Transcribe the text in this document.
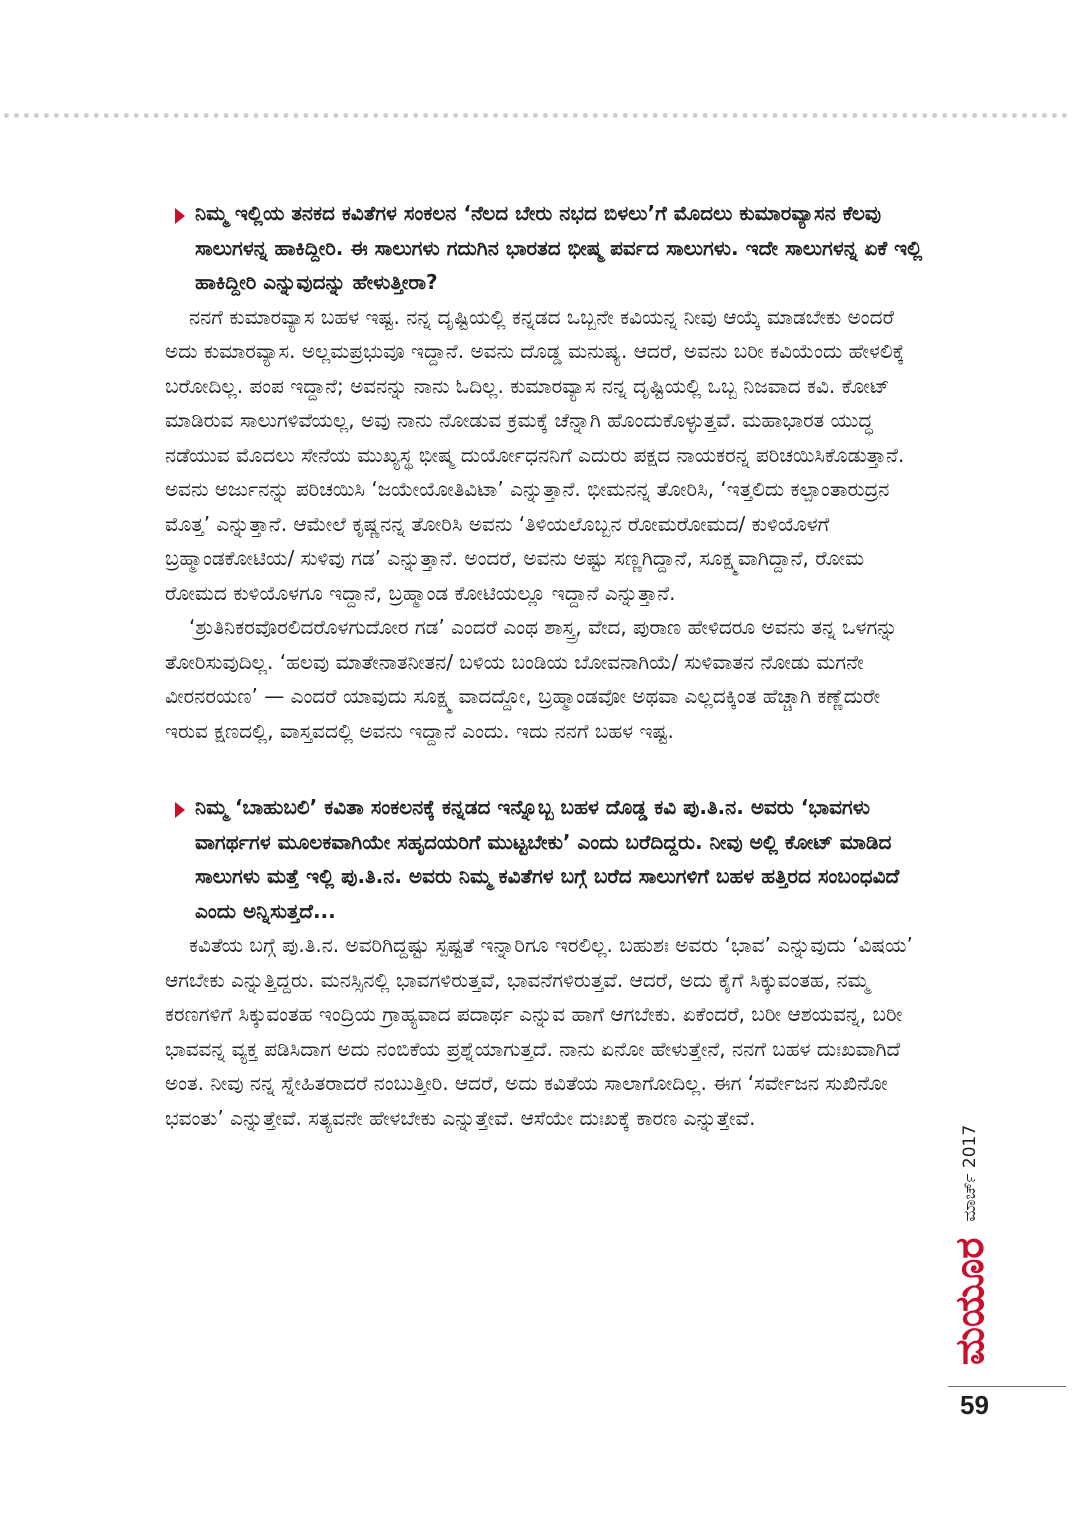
ನಿಮ್ಮ ಇಲ್ಲಿಯ ತನಕದ ಕವಿತೆಗಳ ಸಂಕಲನ ‘ನೆಲದ ಬೇರು ನಭದ ಬಿಳಲು’ಗೆ ಮೊದಲು ಕುಮಾರವ್ಯಾಸನ ಕೆಲವು ಸಾಲುಗಳನ್ನ ಹಾಕಿದ್ದೀರಿ. ಈ ಸಾಲುಗಳು ಗದುಗಿನ ಭಾರತದ ಭೀಷ್ಮ ಪರ್ವದ ಸಾಲುಗಳು. ಇದೇ ಸಾಲುಗಳನ್ನ ಏಕೆ ಇಲ್ಲಿ ಹಾಕಿದ್ದೀರಿ ಎನ್ನುವುದನ್ನು ಹೇಳುತ್ತೀರಾ?

ನನಗೆ ಕುಮಾರವ್ಯಾಸ ಬಹಳ ಇಷ್ಟ. ನನ್ನ ದೃಷ್ಟಿಯಲ್ಲಿ ಕನ್ನಡದ ಒಬ್ಬನೇ ಕವಿಯನ್ನ ನೀವು ಆಯ್ಕೆ ಮಾಡಬೇಕು ಅಂದರೆ ಅದು ಕುಮಾರವ್ಯಾಸ. ಅಲ್ಲಮಪ್ರಭುವೂ ಇದ್ದಾನೆ. ಅವನು ದೊಡ್ಡ ಮನುಷ್ಯ. ಆದರೆ, ಅವನು ಬರೀ ಕವಿಯೆಂದು ಹೇಳಲಿಕ್ಕೆ ಬರೋದಿಲ್ಲ. ಪಂಪ ಇದ್ದಾನೆ; ಅವನನ್ನು ನಾನು ಓದಿಲ್ಲ. ಕುಮಾರವ್ಯಾಸ ನನ್ನ ದೃಷ್ಟಿಯಲ್ಲಿ ಒಬ್ಬ ನಿಜವಾದ ಕವಿ. ಕೋಟ್ ಮಾಡಿರುವ ಸಾಲುಗಳಿವೆಯಲ್ಲ, ಅವು ನಾನು ನೋಡುವ ಕ್ರಮಕ್ಕೆ ಚೆನ್ನಾಗಿ ಹೊಂದುಕೊಳ್ಳುತ್ತವೆ. ಮಹಾಭಾರತ ಯುದ್ಧ ನಡೆಯುವ ಮೊದಲು ಸೇನೆಯ ಮುಖ್ಯಸ್ಥ ಭೀಷ್ಮ ದುರ್ಯೋಧನನಿಗೆ ಎದುರು ಪಕ್ಷದ ನಾಯಕರನ್ನ ಪರಿಚಯಿಸಿಕೊಡುತ್ತಾನೆ. ಅವನು ಅರ್ಜುನನ್ನು ಪರಿಚಯಿಸಿ ‘ಜಯೇಯೋತಿವಿಟಾ’ ಎನ್ನುತ್ತಾನೆ. ಭೀಮನನ್ನ ತೋರಿಸಿ, ‘ಇತ್ತಲಿದು ಕಲ್ಪಾಂತಾರುದ್ರನ ಮೊತ್ತ’ ಎನ್ನುತ್ತಾನೆ. ಆಮೇಲೆ ಕೃಷ್ಣನನ್ನ ತೋರಿಸಿ ಅವನು ‘ತಿಳಿಯಲೊಬ್ಬನ ರೋಮರೋಮದ/ ಕುಳಿಯೊಳಗೆ ಬ್ರಹ್ಮಾಂಡಕೋಟಿಯ/ ಸುಳಿವು ಗಡ’ ಎನ್ನುತ್ತಾನೆ. ಅಂದರೆ, ಅವನು ಅಷ್ಟು ಸಣ್ಣಗಿದ್ದಾನೆ, ಸೂಕ್ಷ್ಮವಾಗಿದ್ದಾನೆ, ರೋಮ ರೋಮದ ಕುಳಿಯೊಳಗೂ ಇದ್ದಾನೆ, ಬ್ರಹ್ಮಾಂಡ ಕೋಟಿಯಲ್ಲೂ ಇದ್ದಾನೆ ಎನ್ನುತ್ತಾನೆ.

‘ಶ್ರುತಿನಿಕರವೊರಲಿದರೊಳಗುದೋರ ಗಡ’ ಎಂದರೆ ಎಂಥ ಶಾಸ್ತ್ರ, ವೇದ, ಪುರಾಣ ಹೇಳಿದರೂ ಅವನು ತನ್ನ ಒಳಗನ್ನು ತೋರಿಸುವುದಿಲ್ಲ. ‘ಹಲವು ಮಾತೇನಾತನೀತನ/ ಬಳಿಯ ಬಂಡಿಯ ಬೋವನಾಗಿಯೆ/ ಸುಳಿವಾತನ ನೋಡು ಮಗನೇ ವೀರನರಯಣ’ — ಎಂದರೆ ಯಾವುದು ಸೂಕ್ಷ್ಮ ವಾದದ್ದೋ, ಬ್ರಹ್ಮಾಂಡವೋ ಅಥವಾ ಎಲ್ಲದಕ್ಕಿಂತ ಹೆಚ್ಚಾಗಿ ಕಣ್ಣೆದುರೇ ಇರುವ ಕ್ಷಣದಲ್ಲಿ, ವಾಸ್ತವದಲ್ಲಿ ಅವನು ಇದ್ದಾನೆ ಎಂದು. ಇದು ನನಗೆ ಬಹಳ ಇಷ್ಟ.

ನಿಮ್ಮ ‘ಬಾಹುಬಲಿ’ ಕವಿತಾ ಸಂಕಲನಕ್ಕೆ ಕನ್ನಡದ ಇನ್ನೊಬ್ಬ ಬಹಳ ದೊಡ್ಡ ಕವಿ ಪು.ತಿ.ನ. ಅವರು ‘ಭಾವಗಳು ವಾಗರ್ಥಗಳ ಮೂಲಕವಾಗಿಯೇ ಸಹೃದಯರಿಗೆ ಮುಟ್ಟಬೇಕು’ ಎಂದು ಬರೆದಿದ್ದರು. ನೀವು ಅಲ್ಲಿ ಕೋಟ್ ಮಾಡಿದ ಸಾಲುಗಳು ಮತ್ತೆ ಇಲ್ಲಿ ಪು.ತಿ.ನ. ಅವರು ನಿಮ್ಮ ಕವಿತೆಗಳ ಬಗ್ಗೆ ಬರೆದ ಸಾಲುಗಳಿಗೆ ಬಹಳ ಹತ್ತಿರದ ಸಂಬಂಧವಿದೆ ಎಂದು ಅನ್ನಿಸುತ್ತದೆ...

ಕವಿತೆಯ ಬಗ್ಗೆ ಪು.ತಿ.ನ. ಅವರಿಗಿದ್ದಷ್ಟು ಸ್ಪಷ್ಟತೆ ಇನ್ನಾರಿಗೂ ಇರಲಿಲ್ಲ. ಬಹುಶಃ ಅವರು ‘ಭಾವ’ ಎನ್ನುವುದು ‘ವಿಷಯ’ ಆಗಬೇಕು ಎನ್ನುತ್ತಿದ್ದರು. ಮನಸ್ಸಿನಲ್ಲಿ ಭಾವಗಳಿರುತ್ತವೆ, ಭಾವನೆಗಳಿರುತ್ತವೆ. ಆದರೆ, ಅದು ಕೈಗೆ ಸಿಕ್ಕುವಂತಹ, ನಮ್ಮ ಕರಣಗಳಿಗೆ ಸಿಕ್ಕುವಂತಹ ಇಂದ್ರಿಯ ಗ್ರಾಹ್ಯವಾದ ಪದಾರ್ಥ ಎನ್ನುವ ಹಾಗೆ ಆಗಬೇಕು. ಏಕೆಂದರೆ, ಬರೀ ಆಶಯವನ್ನ, ಬರೀ ಭಾವವನ್ನ ವ್ಯಕ್ತ ಪಡಿಸಿದಾಗ ಅದು ನಂಬಿಕೆಯ ಪ್ರಶ್ನೆಯಾಗುತ್ತದೆ. ನಾನು ಏನೋ ಹೇಳುತ್ತೇನೆ, ನನಗೆ ಬಹಳ ದುಃಖವಾಗಿದೆ ಅಂತ. ನೀವು ನನ್ನ ಸ್ನೇಹಿತರಾದರೆ ನಂಬುತ್ತೀರಿ. ಆದರೆ, ಅದು ಕವಿತೆಯ ಸಾಲಾಗೋದಿಲ್ಲ. ಈಗ ‘ಸರ್ವೇಜನ ಸುಖಿನೋ ಭವಂತು’ ಎನ್ನುತ್ತೇವೆ. ಸತ್ಯವನೇ ಹೇಳಬೇಕು ಎನ್ನುತ್ತೇವೆ. ಆಸೆಯೇ ದುಃಖಕ್ಕೆ ಕಾರಣ ಎನ್ನುತ್ತೇವೆ.

ಮಯೂರ
ಮಾರ್ಚ್ 2017
59
